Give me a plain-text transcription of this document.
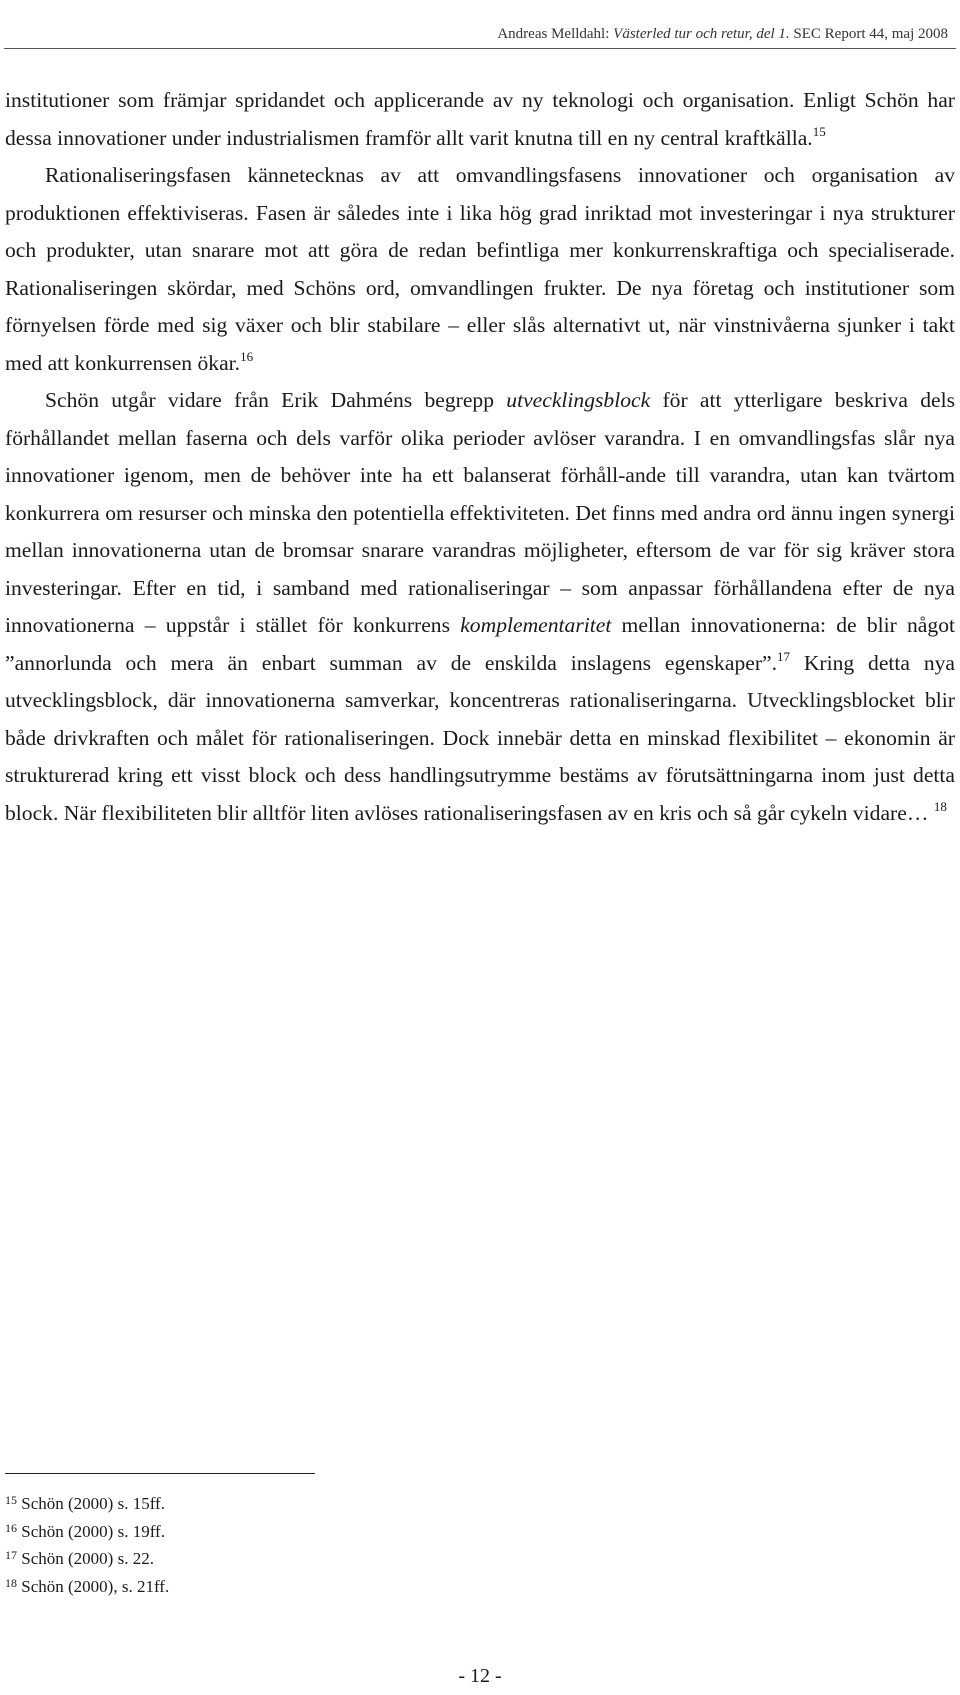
Andreas Melldahl: Västerled tur och retur, del 1. SEC Report 44, maj 2008

institutioner som främjar spridandet och applicerande av ny teknologi och organisation. Enligt Schön har dessa innovationer under industrialismen framför allt varit knutna till en ny central kraftkälla.$^{15}$

Rationaliseringsfasen kännetecknas av att omvandlingsfasens innovationer och organisation av produktionen effektiviseras. Fasen är således inte i lika hög grad inriktad mot investeringar i nya strukturer och produkter, utan snarare mot att göra de redan befintliga mer konkurrenskraftiga och specialiserade. Rationaliseringen skördar, med Schöns ord, omvandlingen frukter. De nya företag och institutioner som förnyelsen förde med sig växer och blir stabilare – eller slås alternativt ut, när vinstnivåerna sjunker i takt med att konkurrensen ökar.$^{16}$

Schön utgår vidare från Erik Dahméns begrepp utvecklingsblock för att ytterligare beskriva dels förhållandet mellan faserna och dels varför olika perioder avlöser varandra. I en omvandlingsfas slår nya innovationer igenom, men de behöver inte ha ett balanserat förhåll-ande till varandra, utan kan tvärtom konkurrera om resurser och minska den potentiella effektiviteten. Det finns med andra ord ännu ingen synergi mellan innovationerna utan de bromsar snarare varandras möjligheter, eftersom de var för sig kräver stora investeringar. Efter en tid, i samband med rationaliseringar – som anpassar förhållandena efter de nya innovationerna – uppstår i stället för konkurrens komplementaritet mellan innovationerna: de blir något ”annorlunda och mera än enbart summan av de enskilda inslagens egenskaper”.$^{17}$ Kring detta nya utvecklingsblock, där innovationerna samverkar, koncentreras rationaliseringarna. Utvecklingsblocket blir både drivkraften och målet för rationaliseringen. Dock innebär detta en minskad flexibilitet – ekonomin är strukturerad kring ett visst block och dess handlingsutrymme bestäms av förutsättningarna inom just detta block. När flexibiliteten blir alltför liten avlöses rationaliseringsfasen av en kris och så går cykeln vidare… $^{18}$

$^{15}$ Schön (2000) s. 15ff.
$^{16}$ Schön (2000) s. 19ff.
$^{17}$ Schön (2000) s. 22.
$^{18}$ Schön (2000), s. 21ff.
- 12 -
